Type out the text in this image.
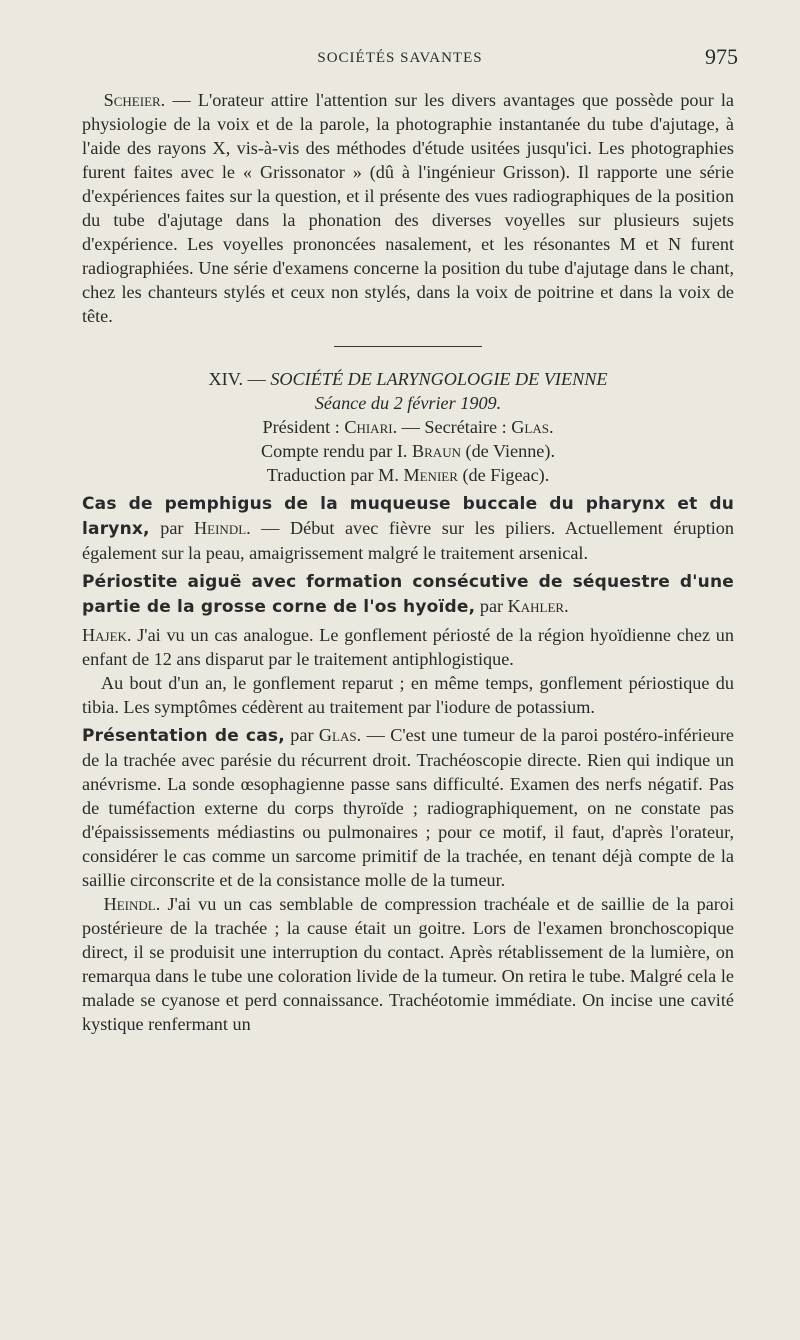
SOCIÉTÉS SAVANTES	975

Scheier. — L'orateur attire l'attention sur les divers avantages que possède pour la physiologie de la voix et de la parole, la photographie instantanée du tube d'ajutage, à l'aide des rayons X, vis-à-vis des méthodes d'étude usitées jusqu'ici. Les photographies furent faites avec le « Grissonator » (dû à l'ingénieur Grisson). Il rapporte une série d'expériences faites sur la question, et il présente des vues radiographiques de la position du tube d'ajutage dans la phonation des diverses voyelles sur plusieurs sujets d'expérience. Les voyelles prononcées nasalement, et les résonantes M et N furent radiographiées. Une série d'examens concerne la position du tube d'ajutage dans le chant, chez les chanteurs stylés et ceux non stylés, dans la voix de poitrine et dans la voix de tête.

XIV. — SOCIÉTÉ DE LARYNGOLOGIE DE VIENNE
Séance du 2 février 1909.
Président : Chiari. — Secrétaire : Glas.
Compte rendu par I. Braun (de Vienne).
Traduction par M. Menier (de Figeac).

Cas de pemphigus de la muqueuse buccale du pharynx et du larynx, par Heindl. — Début avec fièvre sur les piliers. Actuellement éruption également sur la peau, amaigrissement malgré le traitement arsenical.

Périostite aiguë avec formation consécutive de séquestre d'une partie de la grosse corne de l'os hyoïde, par Kahler.

Hajek. J'ai vu un cas analogue. Le gonflement périosté de la région hyoïdienne chez un enfant de 12 ans disparut par le traitement antiphlogistique.

Au bout d'un an, le gonflement reparut ; en même temps, gonflement périostique du tibia. Les symptômes cédèrent au traitement par l'iodure de potassium.

Présentation de cas, par Glas. — C'est une tumeur de la paroi postéro-inférieure de la trachée avec parésie du récurrent droit. Trachéoscopie directe. Rien qui indique un anévrisme. La sonde œsophagienne passe sans difficulté. Examen des nerfs négatif. Pas de tuméfaction externe du corps thyroïde ; radiographiquement, on ne constate pas d'épaississements médiastins ou pulmonaires ; pour ce motif, il faut, d'après l'orateur, considérer le cas comme un sarcome primitif de la trachée, en tenant déjà compte de la saillie circonscrite et de la consistance molle de la tumeur.

Heindl. J'ai vu un cas semblable de compression trachéale et de saillie de la paroi postérieure de la trachée ; la cause était un goitre. Lors de l'examen bronchoscopique direct, il se produisit une interruption du contact. Après rétablissement de la lumière, on remarqua dans le tube une coloration livide de la tumeur. On retira le tube. Malgré cela le malade se cyanose et perd connaissance. Trachéotomie immédiate. On incise une cavité kystique renfermant un
